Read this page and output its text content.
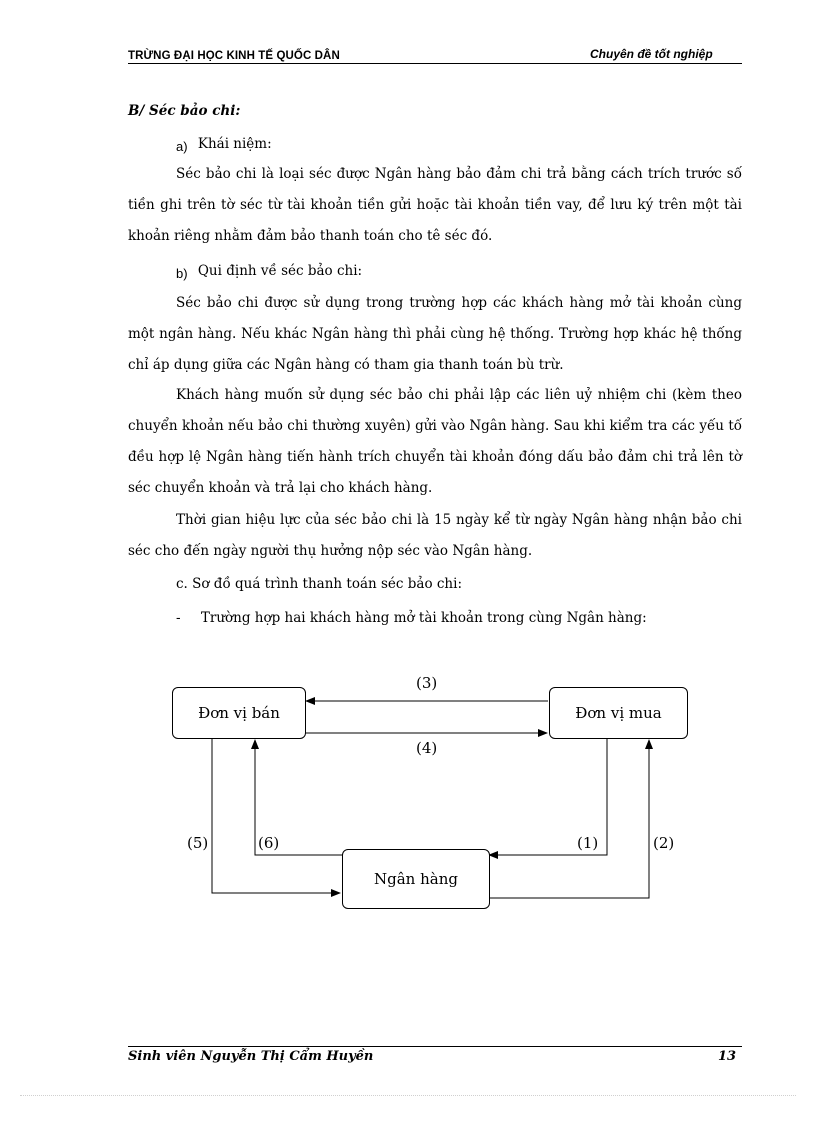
TRỪNG ĐẠI HỌC KINH TẾ QUỐC DÂN	Chuyên đề tốt nghiệp
B/ Séc bảo chi:
a) Khái niệm:
Séc bảo chi là loại séc được Ngân hàng bảo đảm chi trả bằng cách trích trước số tiền ghi trên tờ séc từ tài khoản tiền gửi hoặc tài khoản tiền vay, để lưu ký trên một tài khoản riêng nhằm đảm bảo thanh toán cho tê séc đó.
b) Qui định về séc bảo chi:
Séc bảo chi được sử dụng trong trường hợp các khách hàng mở tài khoản cùng một ngân hàng. Nếu khác Ngân hàng thì phải cùng hệ thống. Trường hợp khác hệ thống chỉ áp dụng giữa các Ngân hàng có tham gia thanh toán bù trừ.
Khách hàng muốn sử dụng séc bảo chi phải lập các liên uỷ nhiệm chi (kèm theo chuyển khoản nếu bảo chi thường xuyên) gửi vào Ngân hàng. Sau khi kiểm tra các yếu tố đều hợp lệ Ngân hàng tiến hành trích chuyển tài khoản đóng dấu bảo đảm chi trả lên tờ séc chuyển khoản và trả lại cho khách hàng.
Thời gian hiệu lực của séc bảo chi là 15 ngày kể từ ngày Ngân hàng nhận bảo chi séc cho đến ngày người thụ hưởng nộp séc vào Ngân hàng.
c. Sơ đồ quá trình thanh toán séc bảo chi:
- Trường hợp hai khách hàng mở tài khoản trong cùng Ngân hàng:
Đơn vị bán	Đơn vị mua
Ngân hàng
(3)
(4)
(5)	(6)	(1)	(2)
Sinh viên Nguyễn Thị Cẩm Huyền	13
